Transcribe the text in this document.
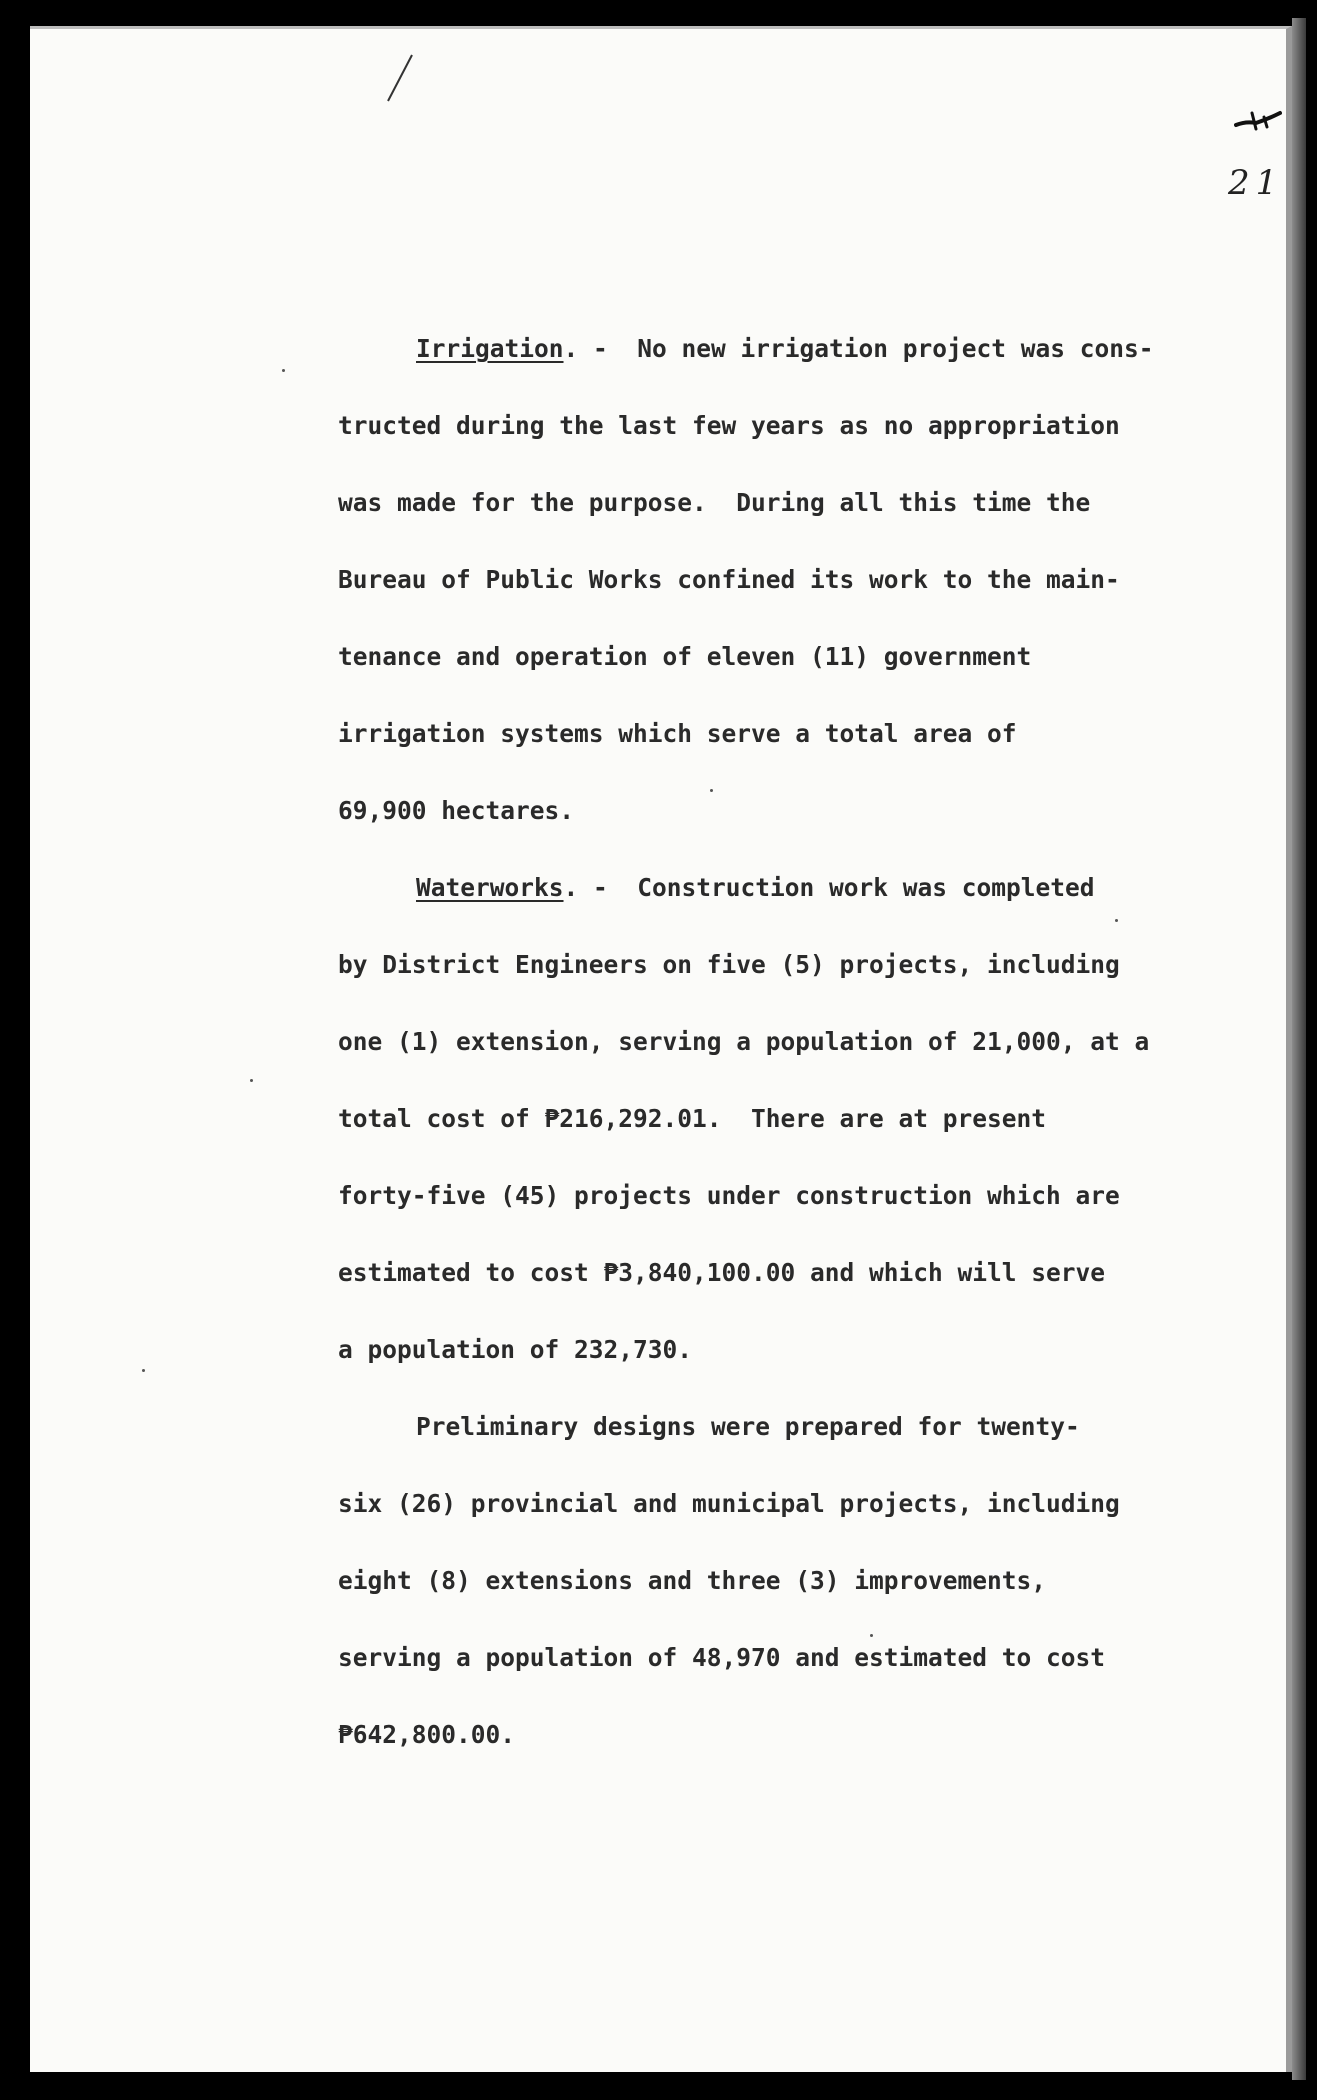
21

Irrigation. -  No new irrigation project was cons-

tructed during the last few years as no appropriation

was made for the purpose.  During all this time the

Bureau of Public Works confined its work to the main-

tenance and operation of eleven (11) government

irrigation systems which serve a total area of

69,900 hectares.

Waterworks. -  Construction work was completed

by District Engineers on five (5) projects, including

one (1) extension, serving a population of 21,000, at a

total cost of ₱216,292.01.  There are at present

forty-five (45) projects under construction which are

estimated to cost ₱3,840,100.00 and which will serve

a population of 232,730.

Preliminary designs were prepared for twenty-

six (26) provincial and municipal projects, including

eight (8) extensions and three (3) improvements,

serving a population of 48,970 and estimated to cost

₱642,800.00.
